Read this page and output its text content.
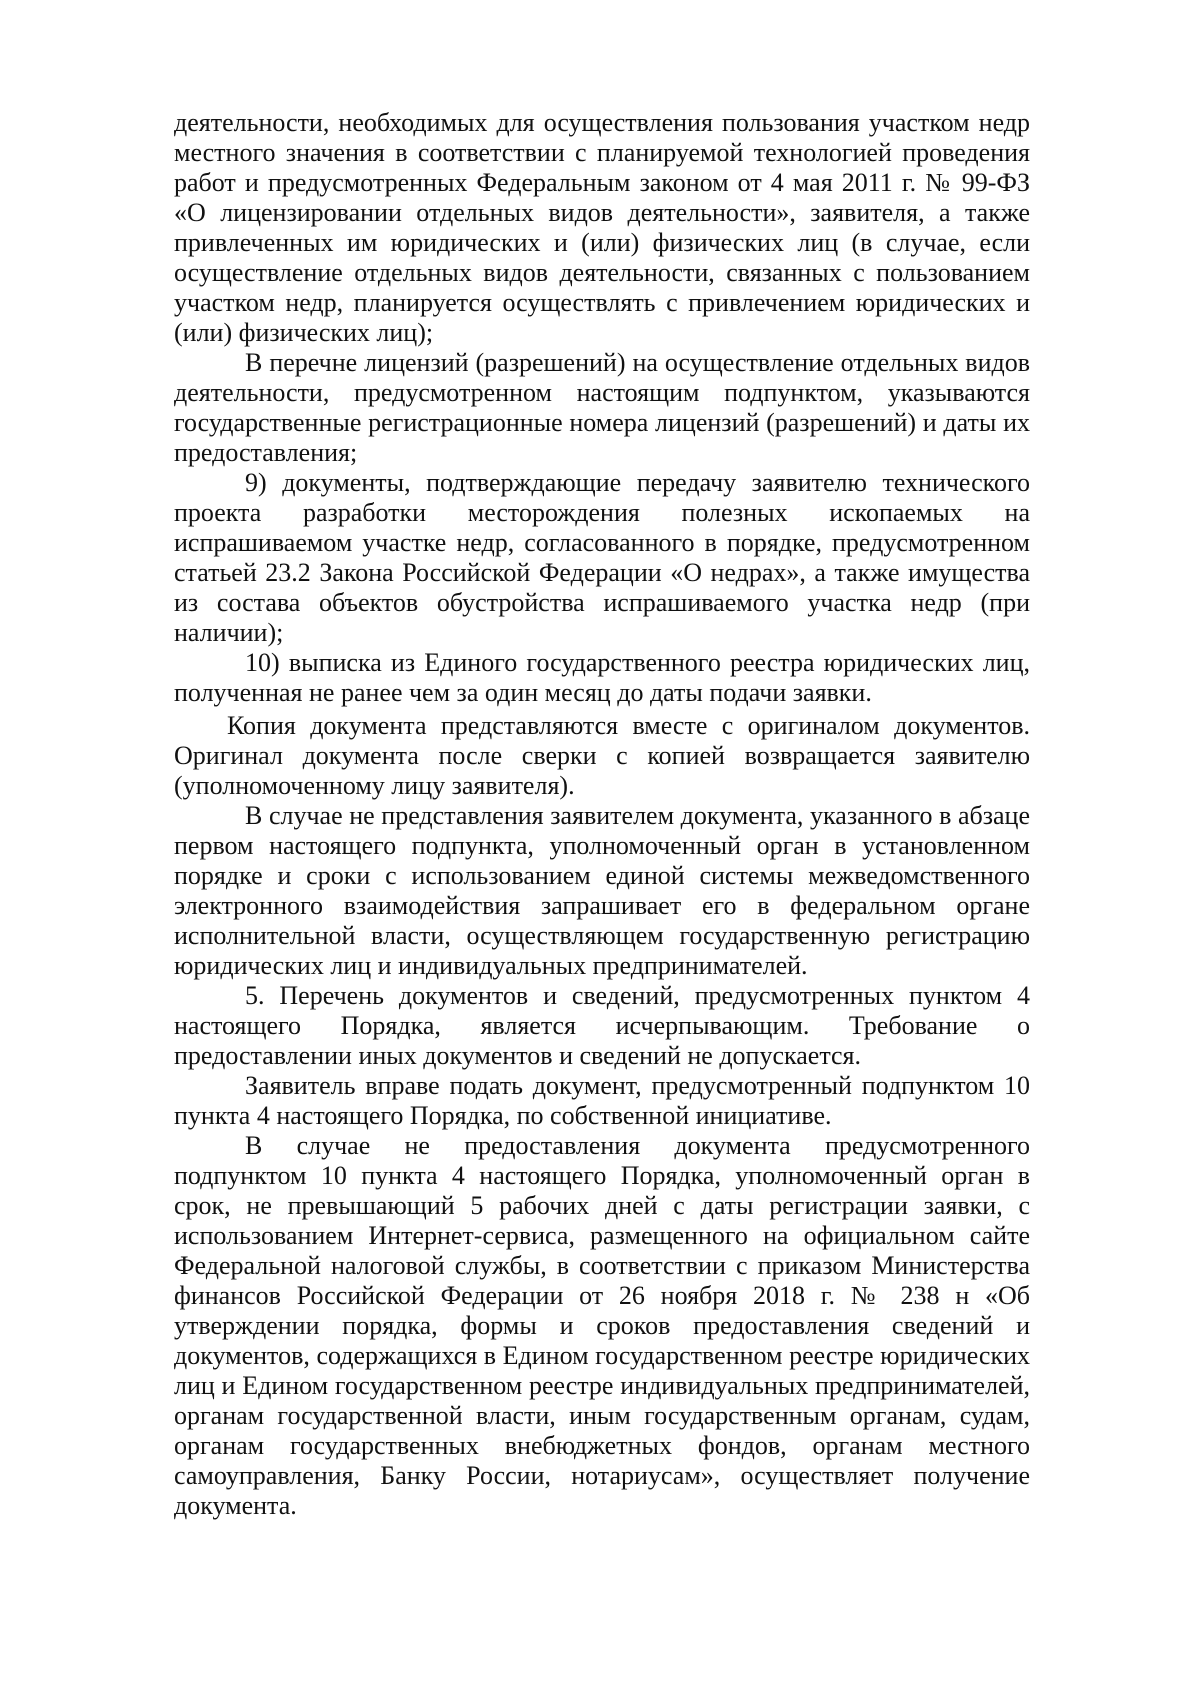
деятельности, необходимых для осуществления пользования участком недр местного значения в соответствии с планируемой технологией проведения работ и предусмотренных Федеральным законом от 4 мая 2011 г. № 99-ФЗ «О лицензировании отдельных видов деятельности», заявителя, а также привлеченных им юридических и (или) физических лиц (в случае, если осуществление отдельных видов деятельности, связанных с пользованием участком недр, планируется осуществлять с привлечением юридических и (или) физических лиц);

В перечне лицензий (разрешений) на осуществление отдельных видов деятельности, предусмотренном настоящим подпунктом, указываются государственные регистрационные номера лицензий (разрешений) и даты их предоставления;

9) документы, подтверждающие передачу заявителю технического проекта разработки месторождения полезных ископаемых на испрашиваемом участке недр, согласованного в порядке, предусмотренном статьей 23.2 Закона Российской Федерации «О недрах», а также имущества из состава объектов обустройства испрашиваемого участка недр (при наличии);

10) выписка из Единого государственного реестра юридических лиц, полученная не ранее чем за один месяц до даты подачи заявки.

Копия документа представляются вместе с оригиналом документов. Оригинал документа после сверки с копией возвращается заявителю (уполномоченному лицу заявителя).

В случае не представления заявителем документа, указанного в абзаце первом настоящего подпункта, уполномоченный орган в установленном порядке и сроки с использованием единой системы межведомственного электронного взаимодействия запрашивает его в федеральном органе исполнительной власти, осуществляющем государственную регистрацию юридических лиц и индивидуальных предпринимателей.

5. Перечень документов и сведений, предусмотренных пунктом 4 настоящего Порядка, является исчерпывающим. Требование о предоставлении иных документов и сведений не допускается.

Заявитель вправе подать документ, предусмотренный подпунктом 10 пункта 4 настоящего Порядка, по собственной инициативе.

В случае не предоставления документа предусмотренного подпунктом 10 пункта 4 настоящего Порядка, уполномоченный орган в срок, не превышающий 5 рабочих дней с даты регистрации заявки, с использованием Интернет-сервиса, размещенного на официальном сайте Федеральной налоговой службы, в соответствии с приказом Министерства финансов Российской Федерации от 26 ноября 2018 г. № 238 н «Об утверждении порядка, формы и сроков предоставления сведений и документов, содержащихся в Едином государственном реестре юридических лиц и Едином государственном реестре индивидуальных предпринимателей, органам государственной власти, иным государственным органам, судам, органам государственных внебюджетных фондов, органам местного самоуправления, Банку России, нотариусам», осуществляет получение документа.
